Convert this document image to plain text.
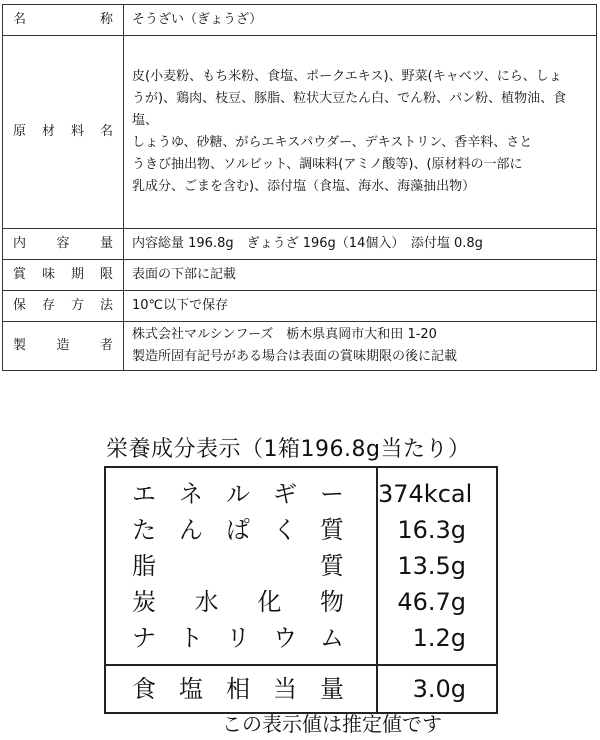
名称	そうざい（ぎょうざ）
原材料名	皮(小麦粉、もち米粉、食塩、ポークエキス)、野菜(キャベツ、にら、しょ
うが)、鶏肉、枝豆、豚脂、粒状大豆たん白、でん粉、パン粉、植物油、食塩、
しょうゆ、砂糖、がらエキスパウダー、デキストリン、香辛料、さと
うきび抽出物、ソルビット、調味料(アミノ酸等)、(原材料の一部に
乳成分、ごまを含む)、添付塩（食塩、海水、海藻抽出物）

内容量	内容総量 196.8g　ぎょうざ 196g（14個入）　添付塩 0.8g
賞味期限	表面の下部に記載
保存方法	10℃以下で保存
製造者	株式会社マルシンフーズ　栃木県真岡市大和田 1-20
製造所固有記号がある場合は表面の賞味期限の後に記載
栄養成分表示（1箱196.8g当たり）
エネルギー	374kcal
たんぱく質	16.3g
脂質	13.5g
炭水化物	46.7g
ナトリウム	1.2g
食塩相当量	3.0g
この表示値は推定値です
